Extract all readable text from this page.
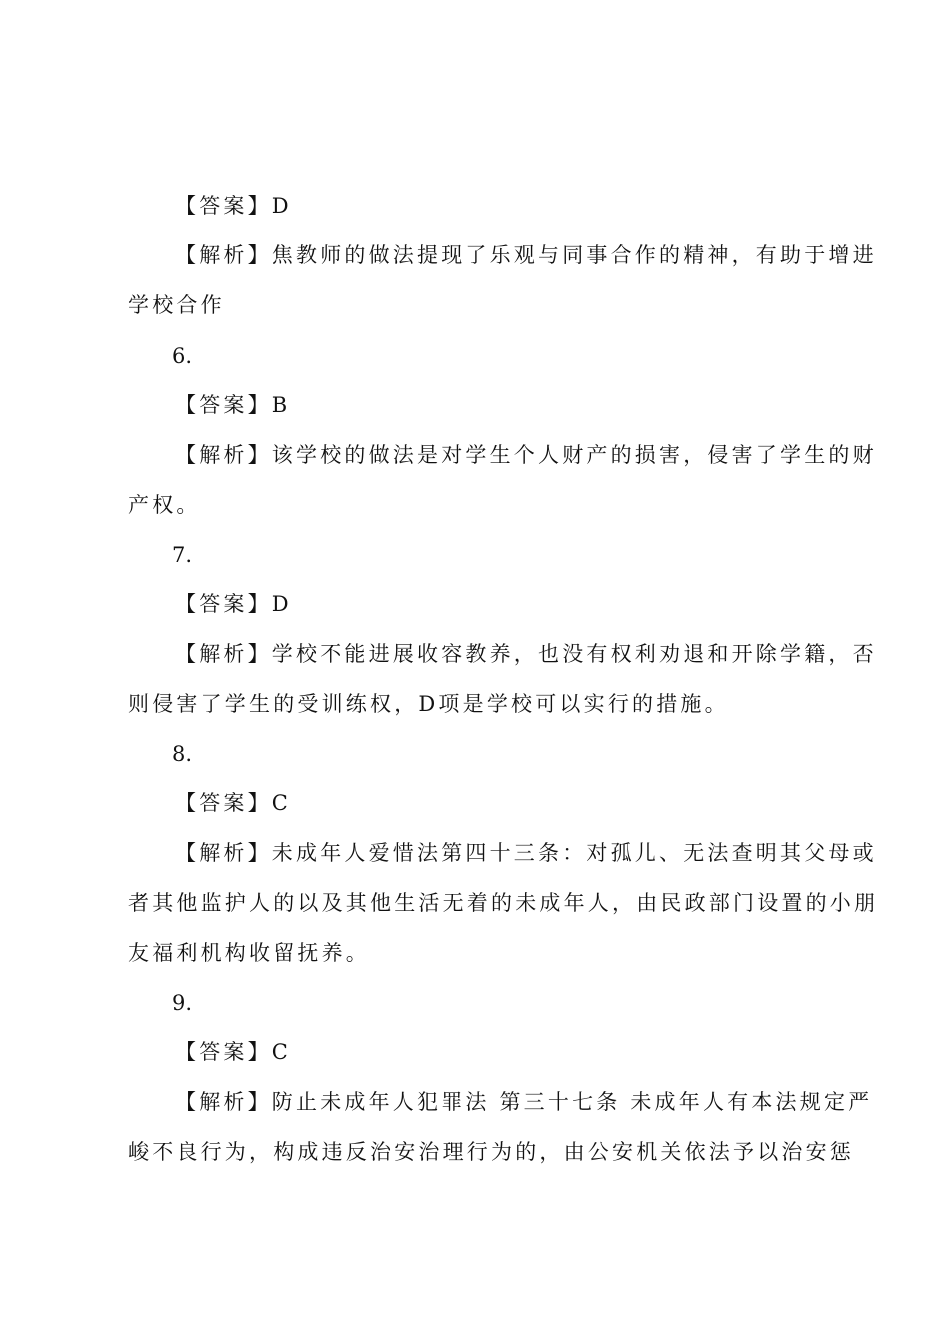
【答案】D
【解析】焦教师的做法提现了乐观与同事合作的精神，有助于增进
学校合作
6.
【答案】B
【解析】该学校的做法是对学生个人财产的损害，侵害了学生的财
产权。
7.
【答案】D
【解析】学校不能进展收容教养，也没有权利劝退和开除学籍，否
则侵害了学生的受训练权，D项是学校可以实行的措施。
8.
【答案】C
【解析】未成年人爱惜法第四十三条：对孤儿、无法查明其父母或
者其他监护人的以及其他生活无着的未成年人，由民政部门设置的小朋
友福利机构收留抚养。
9.
【答案】C
【解析】防止未成年人犯罪法 第三十七条 未成年人有本法规定严
峻不良行为，构成违反治安治理行为的，由公安机关依法予以治安惩
